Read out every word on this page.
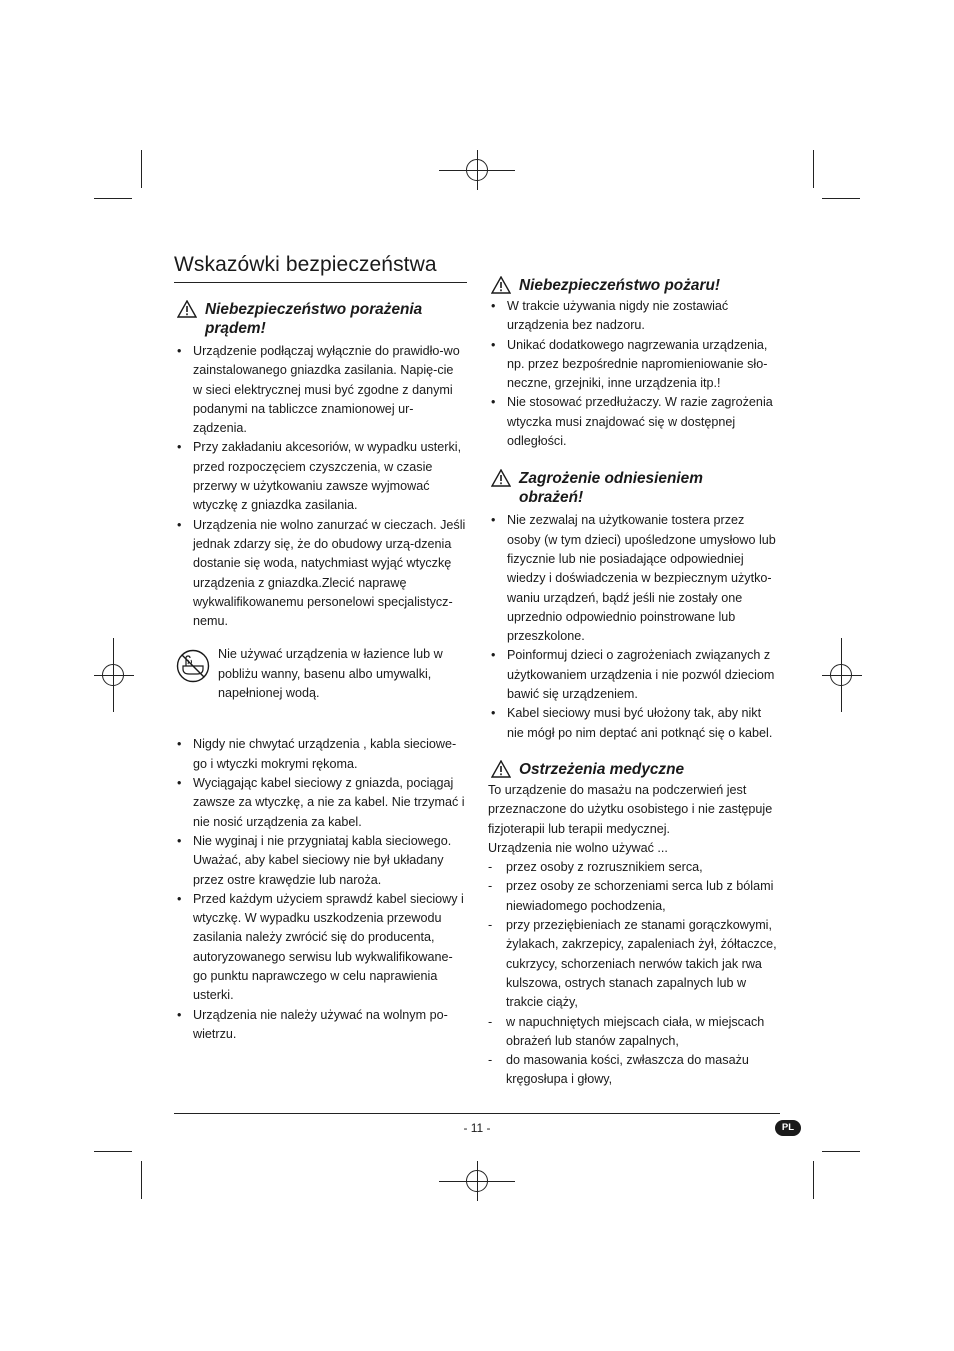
Wskazówki bezpieczeństwa
Niebezpieczeństwo porażenia
prądem!
• Urządzenie podłączaj wyłącznie do prawidło-wo zainstalowanego gniazdka zasilania. Napię-cie w sieci elektrycznej musi być zgodne z danymi podanymi na tabliczce znamionowej ur-ządzenia.
• Przy zakładaniu akcesoriów, w wypadku usterki, przed rozpoczęciem czyszczenia, w czasie przerwy w użytkowaniu zawsze wyjmować wtyczkę z gniazdka zasilania.
• Urządzenia nie wolno zanurzać w cieczach. Jeśli jednak zdarzy się, że do obudowy urzą-dzenia dostanie się woda, natychmiast wyjąć wtyczkę urządzenia z gniazdka.Zlecić naprawę wykwalifikowanemu personelowi specjalistycz-nemu.
Nie używać urządzenia w łazience lub w pobliżu wanny, basenu albo umywalki, napełnionej wodą.
• Nigdy nie chwytać urządzenia , kabla sieciowe-go i wtyczki mokrymi rękoma.
• Wyciągając kabel sieciowy z gniazda, pociągaj zawsze za wtyczkę, a nie za kabel. Nie trzymać i nie nosić urządzenia za kabel.
• Nie wyginaj i nie przygniataj kabla sieciowego. Uważać, aby kabel sieciowy nie był układany przez ostre krawędzie lub naroża.
• Przed każdym użyciem sprawdź kabel sieciowy i wtyczkę. W wypadku uszkodzenia przewodu zasilania należy zwrócić się do producenta, autoryzowanego serwisu lub wykwalifikowane-go punktu naprawczego w celu naprawienia usterki.
• Urządzenia nie należy używać na wolnym po-wietrzu.
Niebezpieczeństwo pożaru!
• W trakcie używania nigdy nie zostawiać urządzenia bez nadzoru.
• Unikać dodatkowego nagrzewania urządzenia, np. przez bezpośrednie napromieniowanie sło-neczne, grzejniki, inne urządzenia itp.!
• Nie stosować przedłużaczy. W razie zagrożenia wtyczka musi znajdować się w dostępnej odległości.
Zagrożenie odniesieniem
obrażeń!
• Nie zezwalaj na użytkowanie tostera przez osoby (w tym dzieci) upośledzone umysłowo lub fizycznie lub nie posiadające odpowiedniej wiedzy i doświadczenia w bezpiecznym użytko-waniu urządzeń, bądź jeśli nie zostały one uprzednio odpowiednio poinstrowane lub przeszkolone.
• Poinformuj dzieci o zagrożeniach związanych z użytkowaniem urządzenia i nie pozwól dzieciom bawić się urządzeniem.
• Kabel sieciowy musi być ułożony tak, aby nikt nie mógł po nim deptać ani potknąć się o kabel.
Ostrzeżenia medyczne

To urządzenie do masażu na podczerwień jest przeznaczone do użytku osobistego i nie zastępuje fizjoterapii lub terapii medycznej.

Urządzenia nie wolno używać ...

- przez osoby z rozrusznikiem serca,
- przez osoby ze schorzeniami serca lub z bólami niewiadomego pochodzenia,
- przy przeziębieniach ze stanami gorączkowymi, żylakach, zakrzepicy, zapaleniach żył, żółtaczce, cukrzycy, schorzeniach nerwów takich jak rwa kulszowa, ostrych stanach zapalnych lub w trakcie ciąży,
- w napuchniętych miejscach ciała, w miejscach obrażeń lub stanów zapalnych,
- do masowania kości, zwłaszcza do masażu kręgosłupa i głowy,
- 11 -	PL
